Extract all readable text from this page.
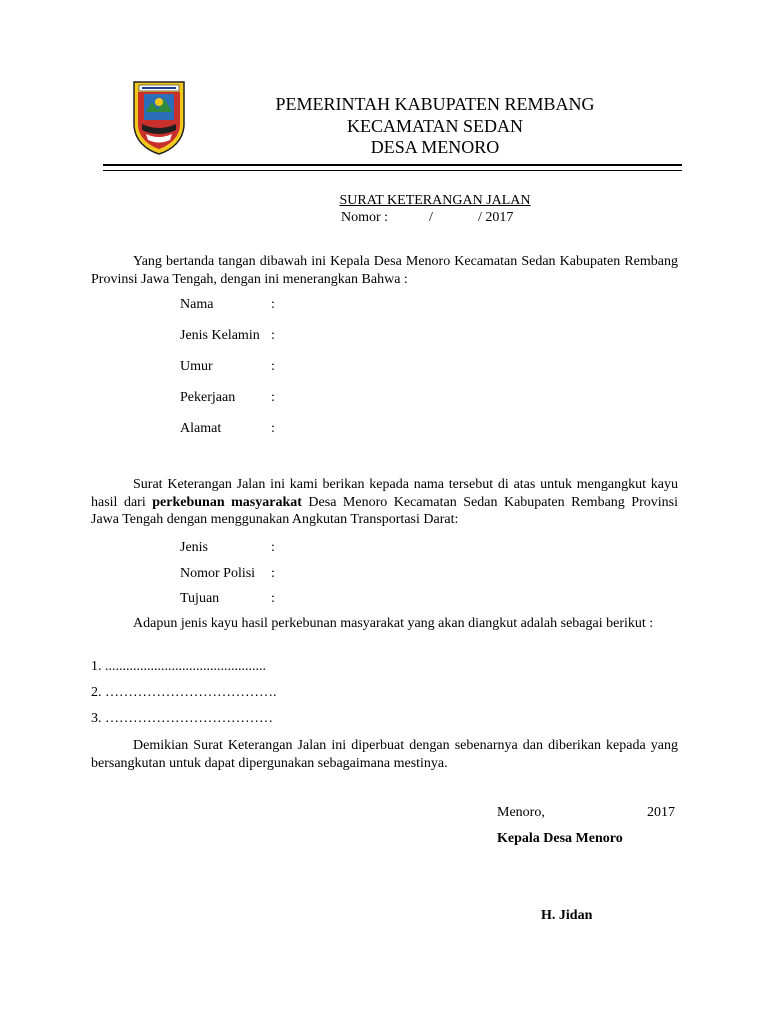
PEMERINTAH KABUPATEN REMBANG
KECAMATAN SEDAN
DESA MENORO
SURAT KETERANGAN JALAN
Nomor :	/	/ 2017
Yang bertanda tangan dibawah ini Kepala Desa Menoro Kecamatan Sedan Kabupaten Rembang Provinsi Jawa Tengah, dengan ini menerangkan Bahwa :
Nama	:
Jenis Kelamin :
Umur	:
Pekerjaan	:
Alamat	:
Surat Keterangan Jalan ini kami berikan kepada nama tersebut di atas untuk mengangkut kayu hasil dari perkebunan masyarakat Desa Menoro Kecamatan Sedan Kabupaten Rembang Provinsi Jawa Tengah dengan menggunakan Angkutan Transportasi Darat:
Jenis	:
Nomor Polisi :
Tujuan	:
Adapun jenis kayu hasil perkebunan masyarakat yang akan diangkut adalah sebagai berikut :
1. ..............................................
2. ……………………………….
3. ………………………………
Demikian Surat Keterangan Jalan ini diperbuat dengan sebenarnya dan diberikan kepada yang bersangkutan untuk dapat dipergunakan sebagaimana mestinya.
Menoro,	2017
Kepala Desa Menoro
H. Jidan
